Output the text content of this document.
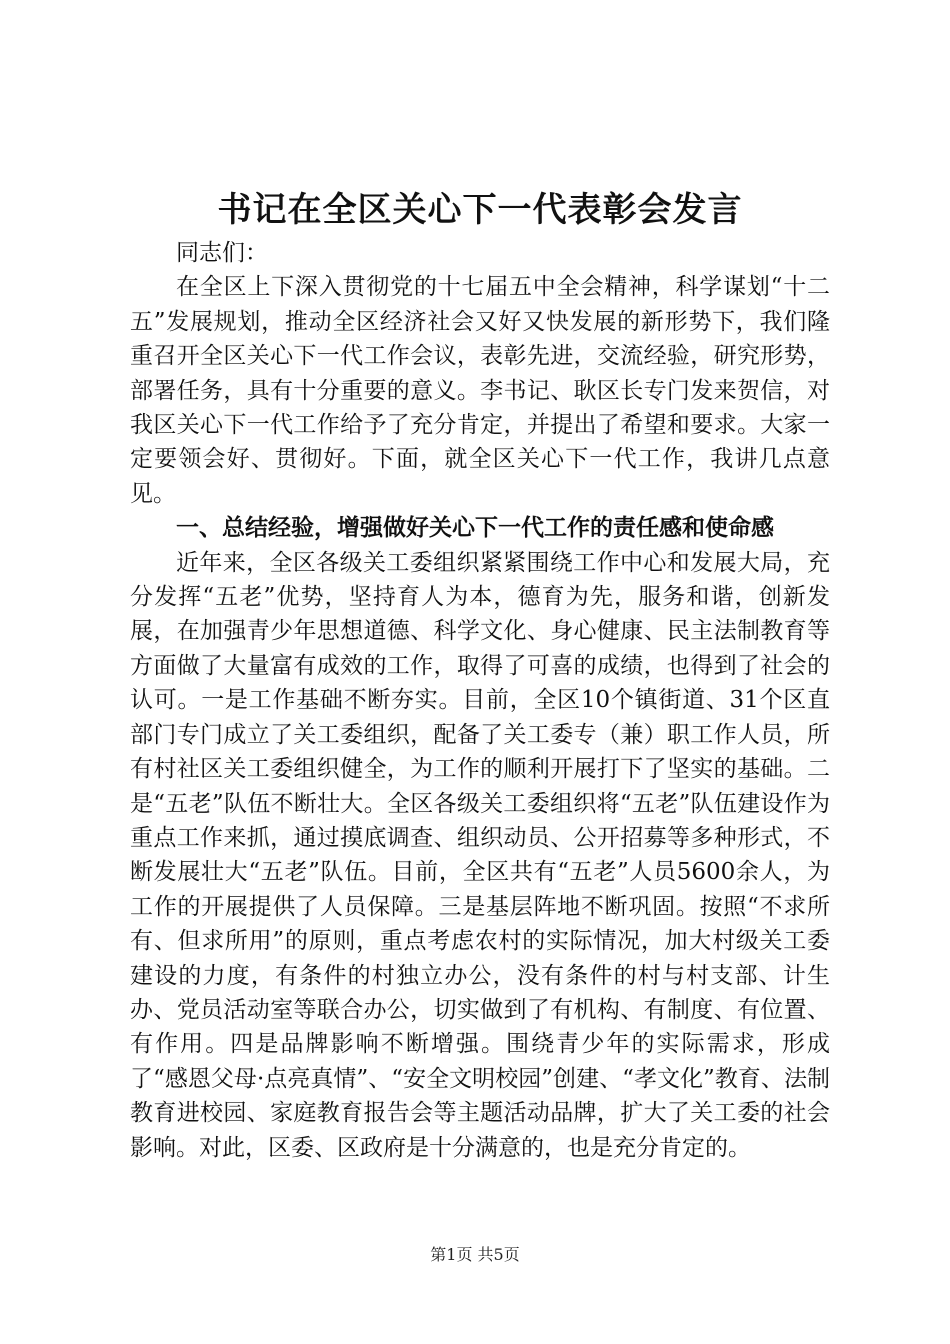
书记在全区关心下一代表彰会发言

同志们：

在全区上下深入贯彻党的十七届五中全会精神，科学谋划“十二五”发展规划，推动全区经济社会又好又快发展的新形势下，我们隆重召开全区关心下一代工作会议，表彰先进，交流经验，研究形势，部署任务，具有十分重要的意义。李书记、耿区长专门发来贺信，对我区关心下一代工作给予了充分肯定，并提出了希望和要求。大家一定要领会好、贯彻好。下面，就全区关心下一代工作，我讲几点意见。

一、总结经验，增强做好关心下一代工作的责任感和使命感

近年来，全区各级关工委组织紧紧围绕工作中心和发展大局，充分发挥“五老”优势，坚持育人为本，德育为先，服务和谐，创新发展，在加强青少年思想道德、科学文化、身心健康、民主法制教育等方面做了大量富有成效的工作，取得了可喜的成绩，也得到了社会的认可。一是工作基础不断夯实。目前，全区10个镇街道、31个区直部门专门成立了关工委组织，配备了关工委专（兼）职工作人员，所有村社区关工委组织健全，为工作的顺利开展打下了坚实的基础。二是“五老”队伍不断壮大。全区各级关工委组织将“五老”队伍建设作为重点工作来抓，通过摸底调查、组织动员、公开招募等多种形式，不断发展壮大“五老”队伍。目前，全区共有“五老”人员5600余人，为工作的开展提供了人员保障。三是基层阵地不断巩固。按照“不求所有、但求所用”的原则，重点考虑农村的实际情况，加大村级关工委建设的力度，有条件的村独立办公，没有条件的村与村支部、计生办、党员活动室等联合办公，切实做到了有机构、有制度、有位置、有作用。四是品牌影响不断增强。围绕青少年的实际需求，形成了“感恩父母·点亮真情”、“安全文明校园”创建、“孝文化”教育、法制教育进校园、家庭教育报告会等主题活动品牌，扩大了关工委的社会影响。对此，区委、区政府是十分满意的，也是充分肯定的。

第1页 共5页
